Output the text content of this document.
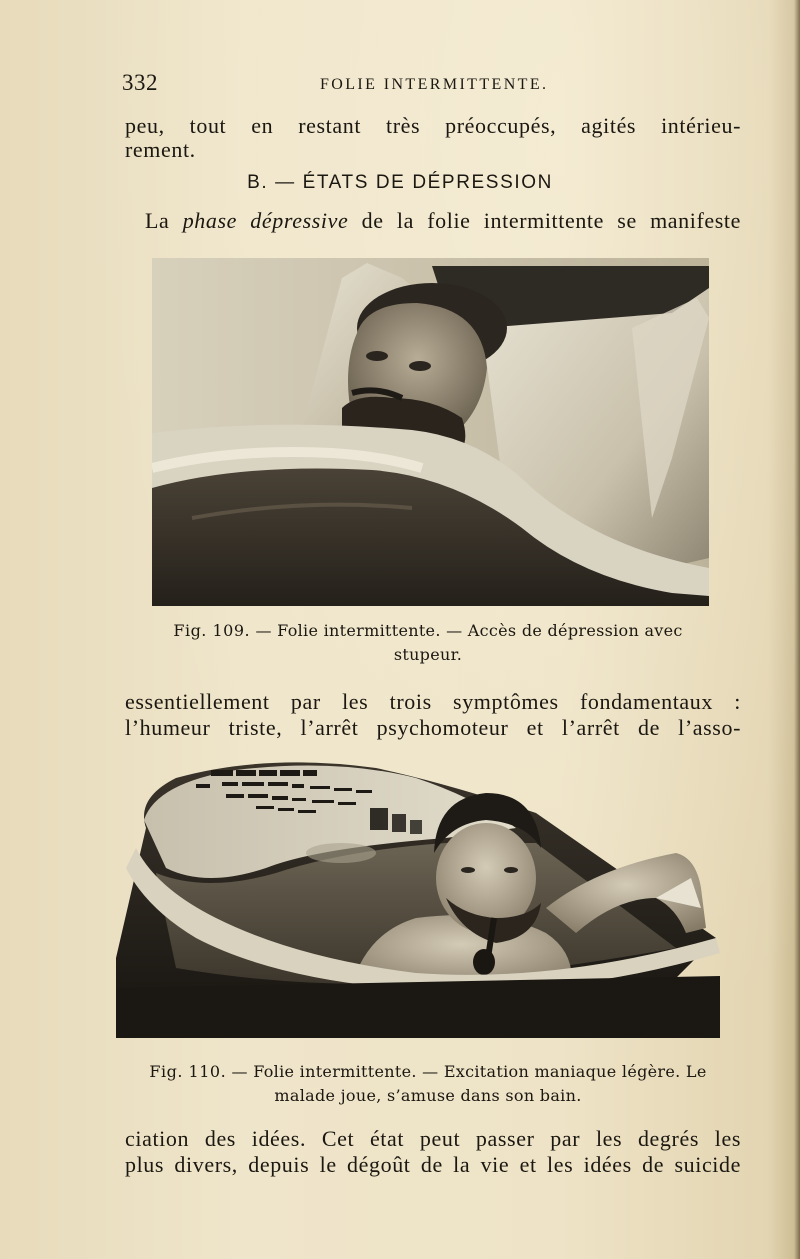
332	FOLIE INTERMITTENTE.
peu, tout en restant très préoccupés, agités intérieu-
rement.
B. — ÉTATS DE DÉPRESSION
La phase dépressive de la folie intermittente se manifeste
Fig. 109. — Folie intermittente. — Accès de dépression avec
stupeur.
essentiellement par les trois symptômes fondamentaux :
l’humeur triste, l’arrêt psychomoteur et l’arrêt de l’asso-
Fig. 110. — Folie intermittente. — Excitation maniaque légère. Le
malade joue, s’amuse dans son bain.
ciation des idées. Cet état peut passer par les degrés les
plus divers, depuis le dégoût de la vie et les idées de suicide
